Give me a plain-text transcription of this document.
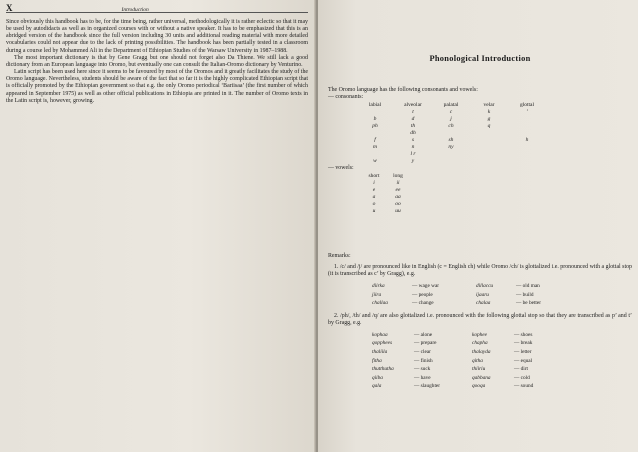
X	Introduction

Since obviously this handbook has to be, for the time being, rather universal, methodologically it is rather eclectic so that it may be used by autodidacts as well as in organized courses with or without a native speaker. It has to be emphasized that this is an abridged version of the handbook since the full version including 30 units and additional reading material with more detailed vocabularies could not appear due to the lack of printing possibilities. The handbook has been partially tested in a classroom during a course led by Mohammed Ali in the Department of Ethiopian Studies of the Warsaw University in 1987–1988.

The most important dictionary is that by Gene Gragg but one should not forget also Da Thiene. We still lack a good dictionary from an European language into Oromo, but eventually one can consult the Italian-Oromo dictionary by Venturino.

Latin script has been used here since it seems to be favoured by most of the Oromos and it greatly facilitates the study of the Oromo language. Nevertheless, students should be aware of the fact that so far it is the highly complicated Ethiopian script that is officially promoted by the Ethiopian government so that e.g. the only Oromo periodical ‘Bariisaa’ (the first number of which appeared in September 1975) as well as other official publications in Ethiopia are printed in it. The number of Oromo texts in the Latin script is, however, growing.

Phonological Introduction

The Oromo language has the following consonants and vowels:

— consonants:
labial	alveolar	palatal	velar	glottal
	t	c	k	’
b	d	j	g	
ph	th	ch	q	
	dh			
f	s	sh		h
m	n	ny		
	l r			
w	y			
— vowels:
short	long
i	ii
e	ee
a	aa
o	oo
u	uu

Remarks:

1. /c/ and /j/ are pronounced like in English (c = English ch) while Oromo /ch/ is glottalized i.e. pronounced with a glottal stop (it is transcribed as c’ by Gragg), e.g.

diirka	— wage war	dillaccu	— old man
jiira	— people	ijaaru	— build
challaa	— change	chalaa	— be better

2. /ph/, /th/ and /q/ are also glottalized i.e. pronounced with the following glottal stop so that they are transcribed as p’ and t’ by Gragg, e.g.

kophaa	— alone	kophee	— shoes
qopphees	— prepare	chapha	— break
thaliila	— clear	thalayda	— letter
fitha	— finish	qitha	— equal
thutthutha	— suck	thiiriu	— dirt
qiiba	— have	qabbana	— cold
qala	— slaughter	qooqa	— sound
